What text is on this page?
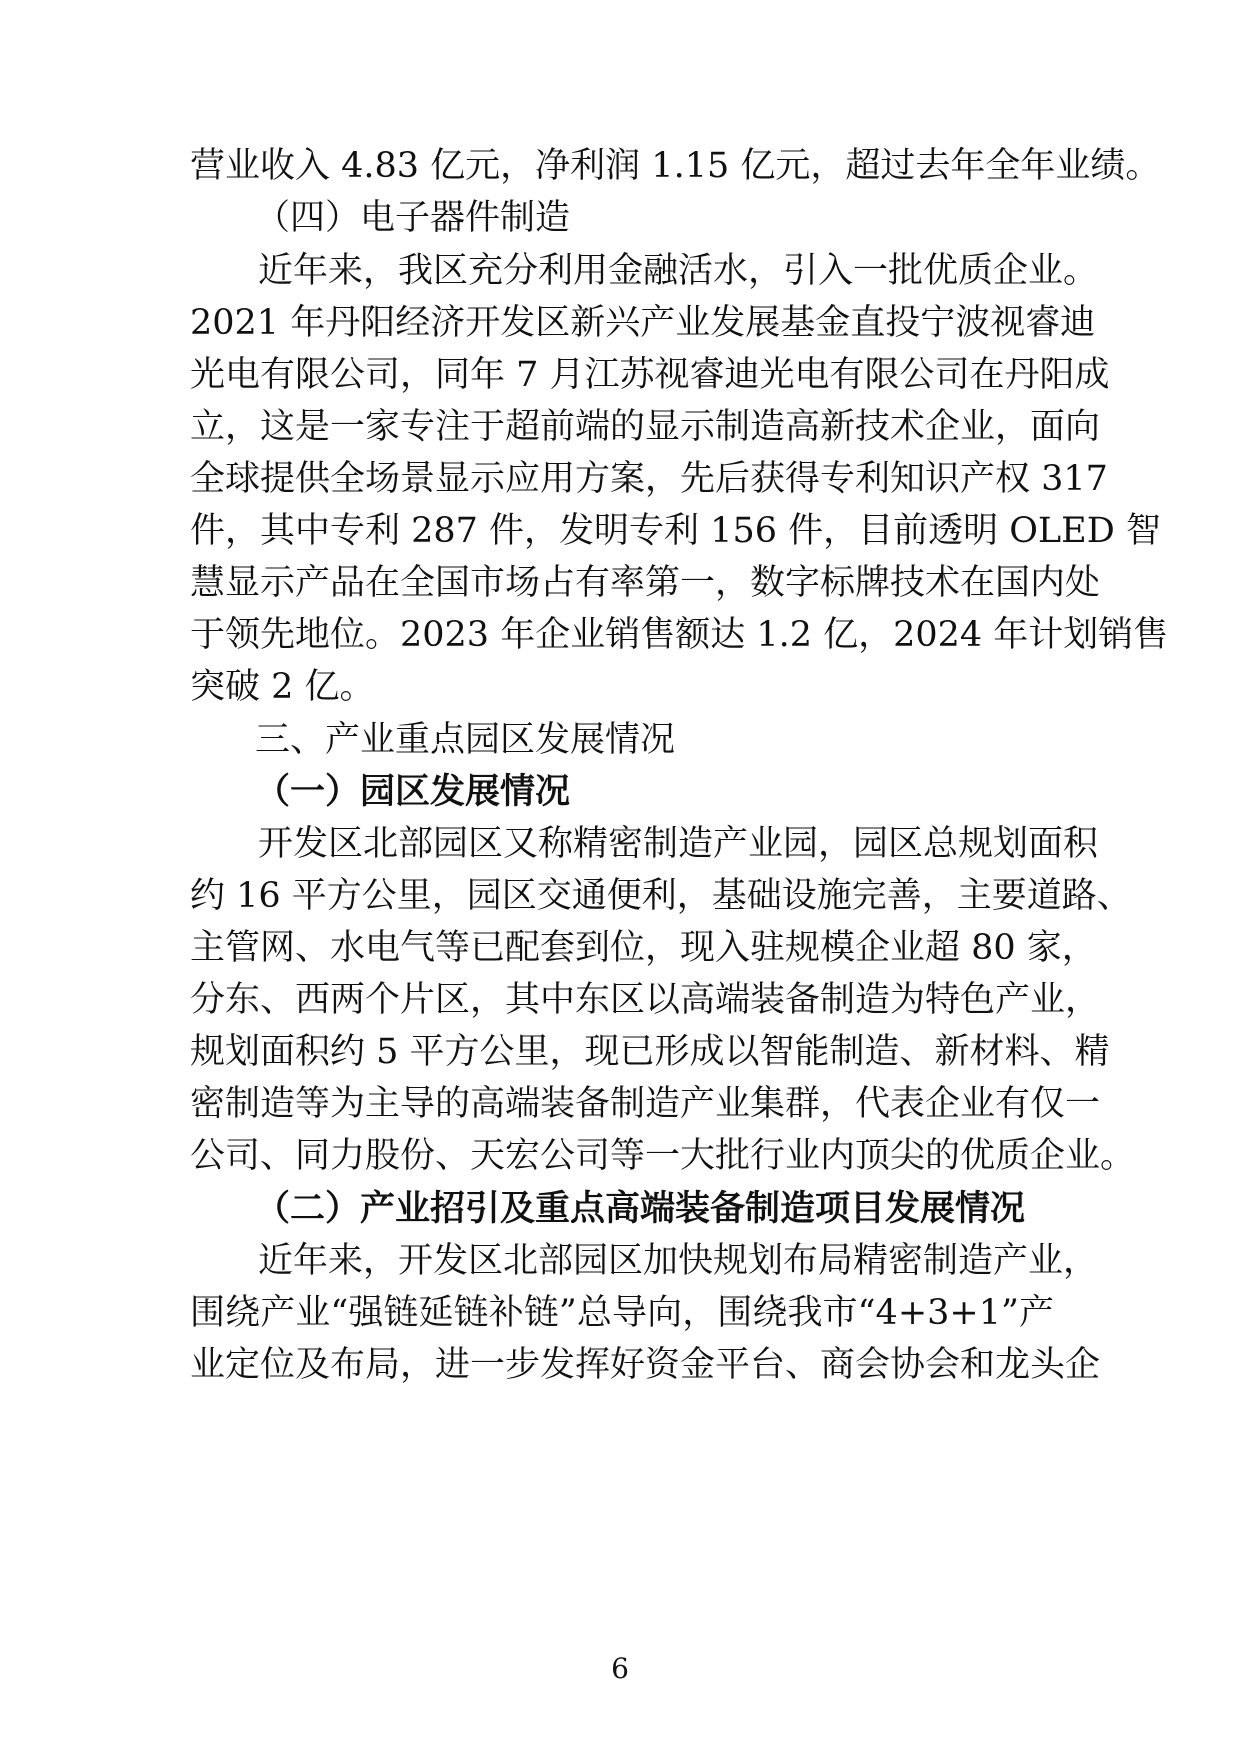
营业收入 4.83 亿元，净利润 1.15 亿元，超过去年全年业绩。
（四）电子器件制造
近年来，我区充分利用金融活水，引入一批优质企业。
2021 年丹阳经济开发区新兴产业发展基金直投宁波视睿迪
光电有限公司，同年 7 月江苏视睿迪光电有限公司在丹阳成
立，这是一家专注于超前端的显示制造高新技术企业，面向
全球提供全场景显示应用方案，先后获得专利知识产权 317
件，其中专利 287 件，发明专利 156 件，目前透明 OLED 智
慧显示产品在全国市场占有率第一，数字标牌技术在国内处
于领先地位。2023 年企业销售额达 1.2 亿，2024 年计划销售
突破 2 亿。
三、产业重点园区发展情况
（一）园区发展情况
开发区北部园区又称精密制造产业园，园区总规划面积
约 16 平方公里，园区交通便利，基础设施完善，主要道路、
主管网、水电气等已配套到位，现入驻规模企业超 80 家，
分东、西两个片区，其中东区以高端装备制造为特色产业，
规划面积约 5 平方公里，现已形成以智能制造、新材料、精
密制造等为主导的高端装备制造产业集群，代表企业有仅一
公司、同力股份、天宏公司等一大批行业内顶尖的优质企业。
（二）产业招引及重点高端装备制造项目发展情况
近年来，开发区北部园区加快规划布局精密制造产业，
围绕产业“强链延链补链”总导向，围绕我市“4+3+1”产
业定位及布局，进一步发挥好资金平台、商会协会和龙头企
6
